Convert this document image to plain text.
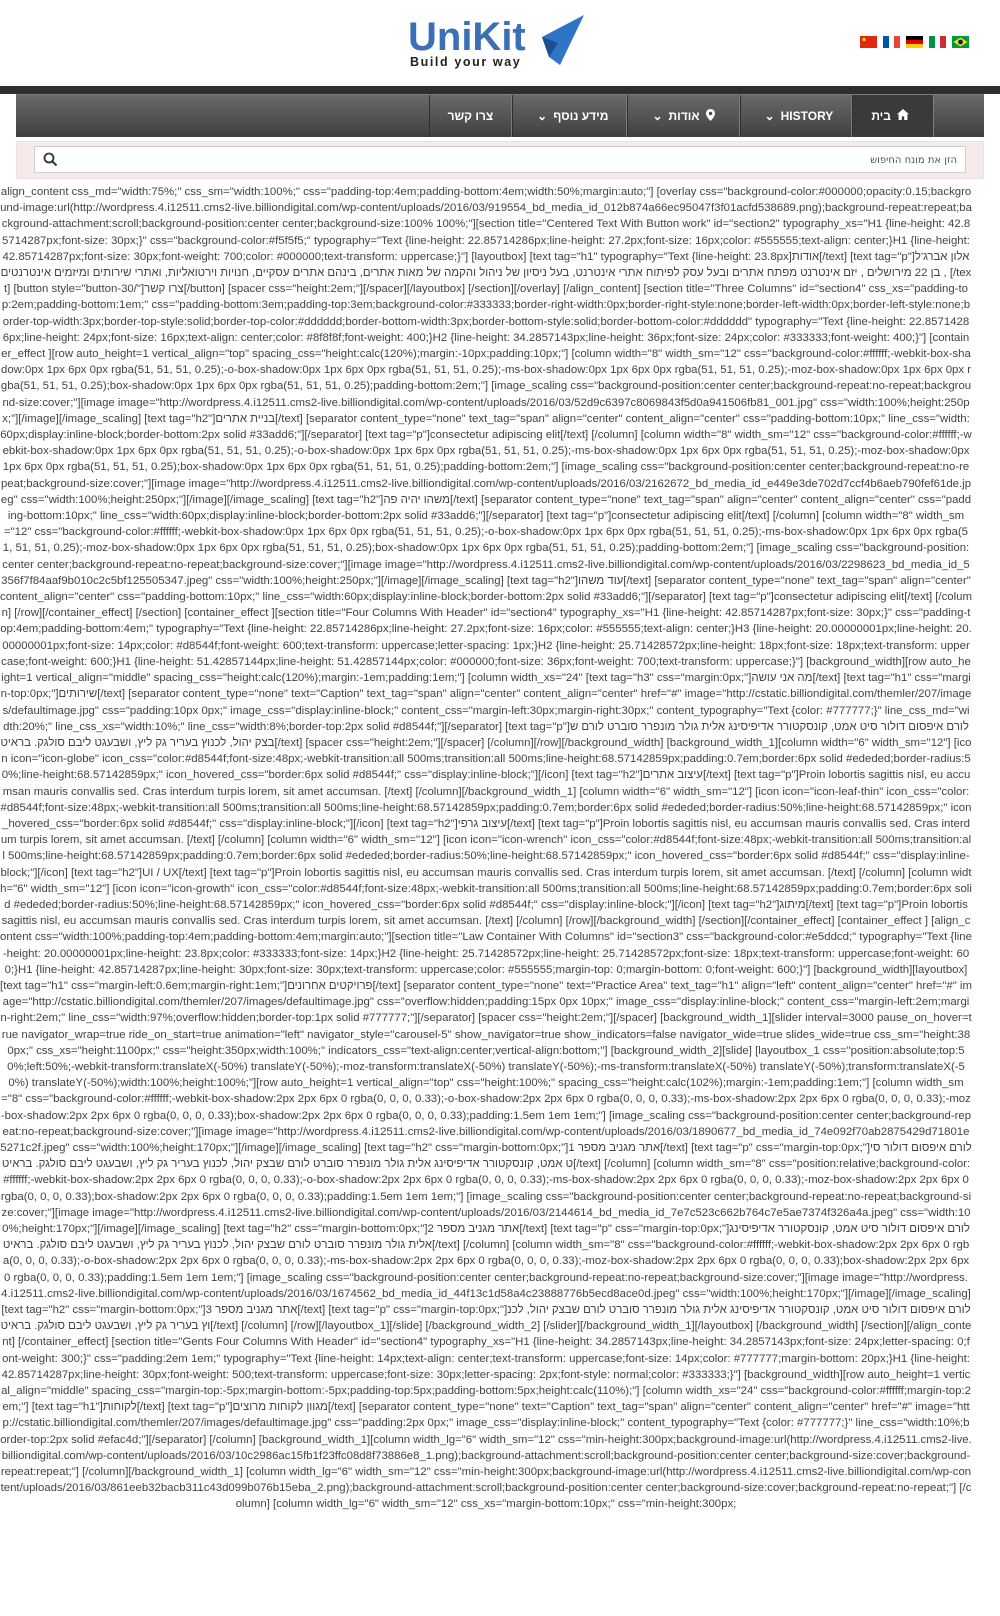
UniKit
Build your way
צרו קשר	⌄ מידע נוסף	⌄ אודות	⌄ HISTORY	בית
הזן את מונח החיפוש
align_content css_md="width:75%;" css_sm="width:100%;" css="padding-top:4em;padding-bottom:4em;width:50%;margin:auto;"] [overlay css="background-color:#000000;opacity:0.15;background-image:url(http://wordpress.4.i12511.cms2-live.billiondigital.com/wp-content/uploads/2016/03/919554_bd_media_id_012b874a66ec95047f3f01acfd538689.png);background-repeat:repeat;background-attachment:scroll;background-position:center center;background-size:100% 100%;"][section title="Centered Text With Button work" id="section2" typography_xs="H1 {line-height: 42.85714287px;font-size: 30px;}" css="background-color:#f5f5f5;" typography="Text {line-height: 22.85714286px;line-height: 27.2px;font-size: 16px;color: #555555;text-align: center;}H1 {line-height: 42.85714287px;font-size: 30px;font-weight: 700;color: #000000;text-transform: uppercase;}"] [layoutbox] [text tag="h1" typography="Text {line-height: 23.8px]אודות[/text] [text tag="p"]אלון אברג'ל , בן 22 מירושלים , יזם אינטרנט מפתח אתרים ובעל עסק לפיתוח אתרי אינטרנט, בעל ניסיון של ניהול והקמה של מאות אתרים, בינהם אתרים עסקיים, חנויות וירטואליות, ואתרי שירותים ומיזמים אינטרנטים [/text] [button style="button-30/"]צרו קשר[/button] [spacer css="height:2em;"][/spacer][/layoutbox] [/section][/overlay] [/align_content] [section title="Three Columns" id="section4" css_xs="padding-top:2em;padding-bottom:1em;" css="padding-bottom:3em;padding-top:3em;background-color:#333333;border-right-width:0px;border-right-style:none;border-left-width:0px;border-left-style:none;border-top-width:3px;border-top-style:solid;border-top-color:#dddddd;border-bottom-width:3px;border-bottom-style:solid;border-bottom-color:#dddddd" typography="Text {line-height: 22.85714286px;line-height: 24px;font-size: 16px;text-align: center;color: #8f8f8f;font-weight: 400;}H2 {line-height: 34.2857143px;line-height: 36px;font-size: 24px;color: #333333;font-weight: 400;}"] [container_effect ][row auto_height=1 vertical_align="top" spacing_css="height:calc(120%);margin:-10px;padding:10px;"] [column width="8" width_sm="12" css="background-color:#ffffff;-webkit-box-shadow:0px 1px 6px 0px rgba(51, 51, 51, 0.25);-o-box-shadow:0px 1px 6px 0px rgba(51, 51, 51, 0.25);-ms-box-shadow:0px 1px 6px 0px rgba(51, 51, 51, 0.25);-moz-box-shadow:0px 1px 6px 0px rgba(51, 51, 51, 0.25);box-shadow:0px 1px 6px 0px rgba(51, 51, 51, 0.25);padding-bottom:2em;"] [image_scaling css="background-position:center center;background-repeat:no-repeat;background-size:cover;"][image image="http://wordpress.4.i12511.cms2-live.billiondigital.com/wp-content/uploads/2016/03/52d9c6397c8069843f5d0a941506fb81_001.jpg" css="width:100%;height:250px;"][/image][/image_scaling] [text tag="h2"]בניית אתרים[/text] [separator content_type="none" text_tag="span" align="center" content_align="center" css="padding-bottom:10px;" line_css="width:60px;display:inline-block;border-bottom:2px solid #33add6;"][/separator] [text tag="p"]consectetur adipiscing elit[/text] [/column] [column width="8" width_sm="12" css="background-color:#ffffff;-webkit-box-shadow:0px 1px 6px 0px rgba(51, 51, 51, 0.25);-o-box-shadow:0px 1px 6px 0px rgba(51, 51, 51, 0.25);-ms-box-shadow:0px 1px 6px 0px rgba(51, 51, 51, 0.25);-moz-box-shadow:0px 1px 6px 0px rgba(51, 51, 51, 0.25);box-shadow:0px 1px 6px 0px rgba(51, 51, 51, 0.25);padding-bottom:2em;"] [image_scaling css="background-position:center center;background-repeat:no-repeat;background-size:cover;"][image image="http://wordpress.4.i12511.cms2-live.billiondigital.com/wp-content/uploads/2016/03/2162672_bd_media_id_e449e3de702d7ccf4b6aeb790fef61de.jpeg" css="width:100%;height:250px;"][/image][/image_scaling] [text tag="h2"]משהו יהיה פה[/text] [separator content_type="none" text_tag="span" align="center" content_align="center" css="padding-bottom:10px;" line_css="width:60px;display:inline-block;border-bottom:2px solid #33add6;"][/separator] [text tag="p"]consectetur adipiscing elit[/text] [/column] [column width="8" width_sm="12" css="background-color:#ffffff;-webkit-box-shadow:0px 1px 6px 0px rgba(51, 51, 51, 0.25);-o-box-shadow:0px 1px 6px 0px rgba(51, 51, 51, 0.25);-ms-box-shadow:0px 1px 6px 0px rgba(51, 51, 51, 0.25);-moz-box-shadow:0px 1px 6px 0px rgba(51, 51, 51, 0.25);box-shadow:0px 1px 6px 0px rgba(51, 51, 51, 0.25);padding-bottom:2em;"] [image_scaling css="background-position:center center;background-repeat:no-repeat;background-size:cover;"][image image="http://wordpress.4.i12511.cms2-live.billiondigital.com/wp-content/uploads/2016/03/2298623_bd_media_id_5356f7f84aaf9b010c2c5bf125505347.jpeg" css="width:100%;height:250px;"][/image][/image_scaling] [text tag="h2"]עוד משהו[/text] [separator content_type="none" text_tag="span" align="center" content_align="center" css="padding-bottom:10px;" line_css="width:60px;display:inline-block;border-bottom:2px solid #33add6;"][/separator] [text tag="p"]consectetur adipiscing elit[/text] [/column] [/row][/container_effect] [/section] [container_effect ][section title="Four Columns With Header" id="section4" typography_xs="H1 {line-height: 42.85714287px;font-size: 30px;}" css="padding-top:4em;padding-bottom:4em;" typography="Text {line-height: 22.85714286px;line-height: 27.2px;font-size: 16px;color: #555555;text-align: center;}H3 {line-height: 20.00000001px;line-height: 20.00000001px;font-size: 14px;color: #d8544f;font-weight: 600;text-transform: uppercase;letter-spacing: 1px;}H2 {line-height: 25.71428572px;line-height: 18px;font-size: 18px;text-transform: uppercase;font-weight: 600;}H1 {line-height: 51.42857144px;line-height: 51.42857144px;color: #000000;font-size: 36px;font-weight: 700;text-transform: uppercase;}"] [background_width][row auto_height=1 vertical_align="middle" spacing_css="height:calc(120%);margin:-1em;padding:1em;"] [column width_xs="24" [text tag="h3" css="margin:0px;"]מה אני עושה[/text] [text tag="h1" css="margin-top:0px;"]שירותים[/text] [separator content_type="none" text="Caption" text_tag="span" align="center" content_align="center" href="#" image="http://cstatic.billiondigital.com/themler/207/images/defaultimage.jpg" css="padding:10px 0px;" image_css="display:inline-block;" content_css="margin-left:30px;margin-right:30px;" content_typography="Text {color: #777777;}" line_css_md="width:20%;" line_css_xs="width:10%;" line_css="width:8%;border-top:2px solid #d8544f;"][/separator] [text tag="p"]לורם איפסום דולור סיט אמט, קונסקטורר אדיפיסינג אלית גולר מונפרר סוברט לורם שבצק יהול, לכנוץ בעריר גק ליץ, ושבעגט ליבם סולגק. בראיט[/text] [spacer css="height:2em;"][/spacer] [/column][/row][/background_width] [background_width_1][column width="6" width_sm="12"] [icon icon="icon-globe" icon_css="color:#d8544f;font-size:48px;-webkit-transition:all 500ms;transition:all 500ms;line-height:68.57142859px;padding:0.7em;border:6px solid #ededed;border-radius:50%;line-height:68.57142859px;" icon_hovered_css="border:6px solid #d8544f;" css="display:inline-block;"][/icon] [text tag="h2"]עיצוב אתרים[/text] [text tag="p"]Proin lobortis sagittis nisl, eu accumsan mauris convallis sed. Cras interdum turpis lorem, sit amet accumsan. [/text] [/column][/background_width_1] [column width="6" width_sm="12"] [icon icon="icon-leaf-thin" icon_css="color:#d8544f;font-size:48px;-webkit-transition:all 500ms;transition:all 500ms;line-height:68.57142859px;padding:0.7em;border:6px solid #ededed;border-radius:50%;line-height:68.57142859px;" icon_hovered_css="border:6px solid #d8544f;" css="display:inline-block;"][/icon] [text tag="h2"]עיצוב גרפי[/text] [text tag="p"]Proin lobortis sagittis nisl, eu accumsan mauris convallis sed. Cras interdum turpis lorem, sit amet accumsan. [/text] [/column] [column width="6" width_sm="12"] [icon icon="icon-wrench" icon_css="color:#d8544f;font-size:48px;-webkit-transition:all 500ms;transition:all 500ms;line-height:68.57142859px;padding:0.7em;border:6px solid #ededed;border-radius:50%;line-height:68.57142859px;" icon_hovered_css="border:6px solid #d8544f;" css="display:inline-block;"][/icon] [text tag="h2"]UI / UX[/text] [text tag="p"]Proin lobortis sagittis nisl, eu accumsan mauris convallis sed. Cras interdum turpis lorem, sit amet accumsan. [/text] [/column] [column width="6" width_sm="12"] [icon icon="icon-growth" icon_css="color:#d8544f;font-size:48px;-webkit-transition:all 500ms;transition:all 500ms;line-height:68.57142859px;padding:0.7em;border:6px solid #ededed;border-radius:50%;line-height:68.57142859px;" icon_hovered_css="border:6px solid #d8544f;" css="display:inline-block;"][/icon] [text tag="h2"]מיתוג[/text] [text tag="p"]Proin lobortis sagittis nisl, eu accumsan mauris convallis sed. Cras interdum turpis lorem, sit amet accumsan. [/text] [/column] [/row][/background_width] [/section][/container_effect] [container_effect ] [align_content css="width:100%;padding-top:4em;padding-bottom:4em;margin:auto;"][section title="Law Container With Columns" id="section3" css="background-color:#e5ddcd;" typography="Text {line-height: 20.00000001px;line-height: 23.8px;color: #333333;font-size: 14px;}H2 {line-height: 25.71428572px;line-height: 25.71428572px;font-size: 18px;text-transform: uppercase;font-weight: 600;}H1 {line-height: 42.85714287px;line-height: 30px;font-size: 30px;text-transform: uppercase;color: #555555;margin-top: 0;margin-bottom: 0;font-weight: 600;}"] [background_width][layoutbox] [text tag="h1" css="margin-left:0.6em;margin-right:1em;"]פרויקטים אחרונים[/text] [separator content_type="none" text="Practice Area" text_tag="h1" align="left" content_align="center" href="#" image="http://cstatic.billiondigital.com/themler/207/images/defaultimage.jpg" css="overflow:hidden;padding:15px 0px 10px;" image_css="display:inline-block;" content_css="margin-left:2em;margin-right:2em;" line_css="width:97%;overflow:hidden;border-top:1px solid #777777;"][/separator] [spacer css="height:2em;"][/spacer] [background_width_1][slider interval=3000 pause_on_hover=true navigator_wrap=true ride_on_start=true animation="left" navigator_style="carousel-5" show_navigator=true show_indicators=false navigator_wide=true slides_wide=true css_sm="height:380px;" css_xs="height:1100px;" css="height:350px;width:100%;" indicators_css="text-align:center;vertical-align:bottom;"] [background_width_2][slide] [layoutbox_1 css="position:absolute;top:50%;left:50%;-webkit-transform:translateX(-50%) translateY(-50%);-moz-transform:translateX(-50%) translateY(-50%);-ms-transform:translateX(-50%) translateY(-50%);transform:translateX(-50%) translateY(-50%);width:100%;height:100%;"][row auto_height=1 vertical_align="top" css="height:100%;" spacing_css="height:calc(102%);margin:-1em;padding:1em;"] [column width_sm="8" css="background-color:#ffffff;-webkit-box-shadow:2px 2px 6px 0 rgba(0, 0, 0, 0.33);-o-box-shadow:2px 2px 6px 0 rgba(0, 0, 0, 0.33);-ms-box-shadow:2px 2px 6px 0 rgba(0, 0, 0, 0.33);-moz-box-shadow:2px 2px 6px 0 rgba(0, 0, 0, 0.33);box-shadow:2px 2px 6px 0 rgba(0, 0, 0, 0.33);padding:1.5em 1em 1em;"] [image_scaling css="background-position:center center;background-repeat:no-repeat;background-size:cover;"][image image="http://wordpress.4.i12511.cms2-live.billiondigital.com/wp-content/uploads/2016/03/1890677_bd_media_id_74e092f70ab2875429d71801e5271c2f.jpeg" css="width:100%;height:170px;"][/image][/image_scaling] [text tag="h2" css="margin-bottom:0px;"]אתר מגניב מספר 1[/text] [text tag="p" css="margin-top:0px;"]לורם איפסום דולור סיט אמט, קונסקטורר אדיפיסינג אלית גולר מונפרר סוברט לורם שבצק יהול, לכנוץ בעריר גק ליץ, ושבעגט ליבם סולגק. בראיט[/text] [/column] [column width_sm="8" css="position:relative;background-color:#ffffff;-webkit-box-shadow:2px 2px 6px 0 rgba(0, 0, 0, 0.33);-o-box-shadow:2px 2px 6px 0 rgba(0, 0, 0, 0.33);-ms-box-shadow:2px 2px 6px 0 rgba(0, 0, 0, 0.33);-moz-box-shadow:2px 2px 6px 0 rgba(0, 0, 0, 0.33);box-shadow:2px 2px 6px 0 rgba(0, 0, 0, 0.33);padding:1.5em 1em 1em;"] [image_scaling css="background-position:center center;background-repeat:no-repeat;background-size:cover;"][image image="http://wordpress.4.i12511.cms2-live.billiondigital.com/wp-content/uploads/2016/03/2144614_bd_media_id_7e7c523c662b764c7e5ae7374f326a4a.jpeg" css="width:100%;height:170px;"][/image][/image_scaling] [text tag="h2" css="margin-bottom:0px;"]אתר מגניב מספר 2[/text] [text tag="p" css="margin-top:0px;"]לורם איפסום דולור סיט אמט, קונסקטורר אדיפיסינג אלית גולר מונפרר סוברט לורם שבצק יהול, לכנוץ בעריר גק ליץ, ושבעגט ליבם סולגק. בראיט[/text] [/column] [column width_sm="8" css="background-color:#ffffff;-webkit-box-shadow:2px 2px 6px 0 rgba(0, 0, 0, 0.33);-o-box-shadow:2px 2px 6px 0 rgba(0, 0, 0, 0.33);-ms-box-shadow:2px 2px 6px 0 rgba(0, 0, 0, 0.33);-moz-box-shadow:2px 2px 6px 0 rgba(0, 0, 0, 0.33);box-shadow:2px 2px 6px 0 rgba(0, 0, 0, 0.33);padding:1.5em 1em 1em;"] [image_scaling css="background-position:center center;background-repeat:no-repeat;background-size:cover;"][image image="http://wordpress.4.i12511.cms2-live.billiondigital.com/wp-content/uploads/2016/03/1674562_bd_media_id_44f13c1d58a4c23888776b5ecd8ace0d.jpeg" css="width:100%;height:170px;"][/image][/image_scaling] [text tag="h2" css="margin-bottom:0px;"]אתר מגניב מספר 3[/text] [text tag="p" css="margin-top:0px;"]לורם איפסום דולור סיט אמט, קונסקטורר אדיפיסינג אלית גולר מונפרר סוברט לורם שבצק יהול, לכנוץ בעריר גק ליץ, ושבעגט ליבם סולגק. בראיט[/text] [/column] [/row][/layoutbox_1][/slide] [/background_width_2] [/slider][/background_width_1][/layoutbox] [/background_width] [/section][/align_content] [/container_effect] [section title="Gents Four Columns With Header" id="section4" typography_xs="H1 {line-height: 34.2857143px;line-height: 34.2857143px;font-size: 24px;letter-spacing: 0;font-weight: 300;}" css="padding:2em 1em;" typography="Text {line-height: 14px;text-align: center;text-transform: uppercase;font-size: 14px;color: #777777;margin-bottom: 20px;}H1 {line-height: 42.85714287px;line-height: 30px;font-weight: 500;text-transform: uppercase;font-size: 30px;letter-spacing: 2px;font-style: normal;color: #333333;}"] [background_width][row auto_height=1 vertical_align="middle" spacing_css="margin-top:-5px;margin-bottom:-5px;padding-top:5px;padding-bottom:5px;height:calc(110%);"] [column width_xs="24" css="background-color:#ffffff;margin-top:2em;"] [text tag="h1"]לקוחות[/text] [text tag="p"]מגוון לקוחות מרוצים[/text] [separator content_type="none" text="Caption" text_tag="span" align="center" content_align="center" href="#" image="http://cstatic.billiondigital.com/themler/207/images/defaultimage.jpg" css="padding:2px 0px;" image_css="display:inline-block;" content_typography="Text {color: #777777;}" line_css="width:10%;border-top:2px solid #efac4d;"][/separator] [/column] [background_width_1][column width_lg="6" width_sm="12" css="min-height:300px;background-image:url(http://wordpress.4.i12511.cms2-live.billiondigital.com/wp-content/uploads/2016/03/10c2986ac15fb1f23ffc08d8f73886e8_1.png);background-attachment:scroll;background-position:center center;background-size:cover;background-repeat:repeat;"] [/column][/background_width_1] [column width_lg="6" width_sm="12" css="min-height:300px;background-image:url(http://wordpress.4.i12511.cms2-live.billiondigital.com/wp-content/uploads/2016/03/861eeb32bacb311c43d099b076b15eba_2.png);background-attachment:scroll;background-position:center center;background-size:cover;background-repeat:no-repeat;"] [/column] [column width_lg="6" width_sm="12" css_xs="margin-bottom:10px;" css="min-height:300px;
